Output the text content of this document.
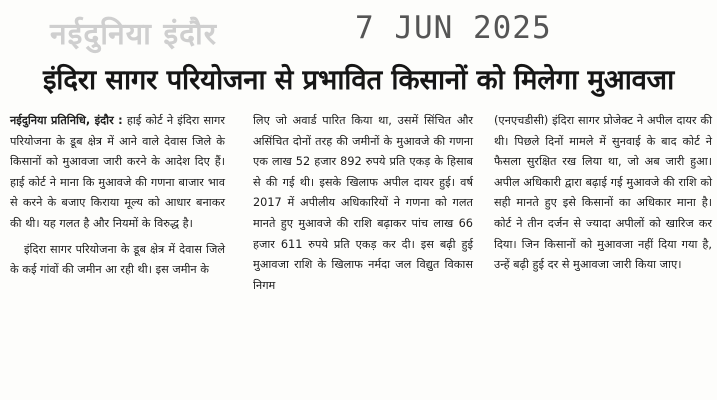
नईदुनिया इंदौर	7 JUN 2025
इंदिरा सागर परियोजना से प्रभावित किसानों को मिलेगा मुआवजा

नईदुनिया प्रतिनिधि, इंदौर : हाई कोर्ट ने इंदिरा सागर परियोजना के डूब क्षेत्र में आने वाले देवास जिले के किसानों को मुआवजा जारी करने के आदेश दिए हैं। हाई कोर्ट ने माना कि मुआवजे की गणना बाजार भाव से करने के बजाए किराया मूल्य को आधार बनाकर की थी। यह गलत है और नियमों के विरुद्ध है।

इंदिरा सागर परियोजना के डूब क्षेत्र में देवास जिले के कई गांवों की जमीन आ रही थी। इस जमीन के

लिए जो अवार्ड पारित किया था, उसमें सिंचित और असिंचित दोनों तरह की जमीनों के मुआवजे की गणना एक लाख 52 हजार 892 रुपये प्रति एकड़ के हिसाब से की गई थी। इसके खिलाफ अपील दायर हुई। वर्ष 2017 में अपीलीय अधिकारियों ने गणना को गलत मानते हुए मुआवजे की राशि बढ़ाकर पांच लाख 66 हजार 611 रुपये प्रति एकड़ कर दी। इस बढ़ी हुई मुआवजा राशि के खिलाफ नर्मदा जल विद्युत विकास निगम

(एनएचडीसी) इंदिरा सागर प्रोजेक्ट ने अपील दायर की थी। पिछले दिनों मामले में सुनवाई के बाद कोर्ट ने फैसला सुरक्षित रख लिया था, जो अब जारी हुआ। अपील अधिकारी द्वारा बढ़ाई गई मुआवजे की राशि को सही मानते हुए इसे किसानों का अधिकार माना है। कोर्ट ने तीन दर्जन से ज्यादा अपीलों को खारिज कर दिया। जिन किसानों को मुआवजा नहीं दिया गया है, उन्हें बढ़ी हुई दर से मुआवजा जारी किया जाए।
